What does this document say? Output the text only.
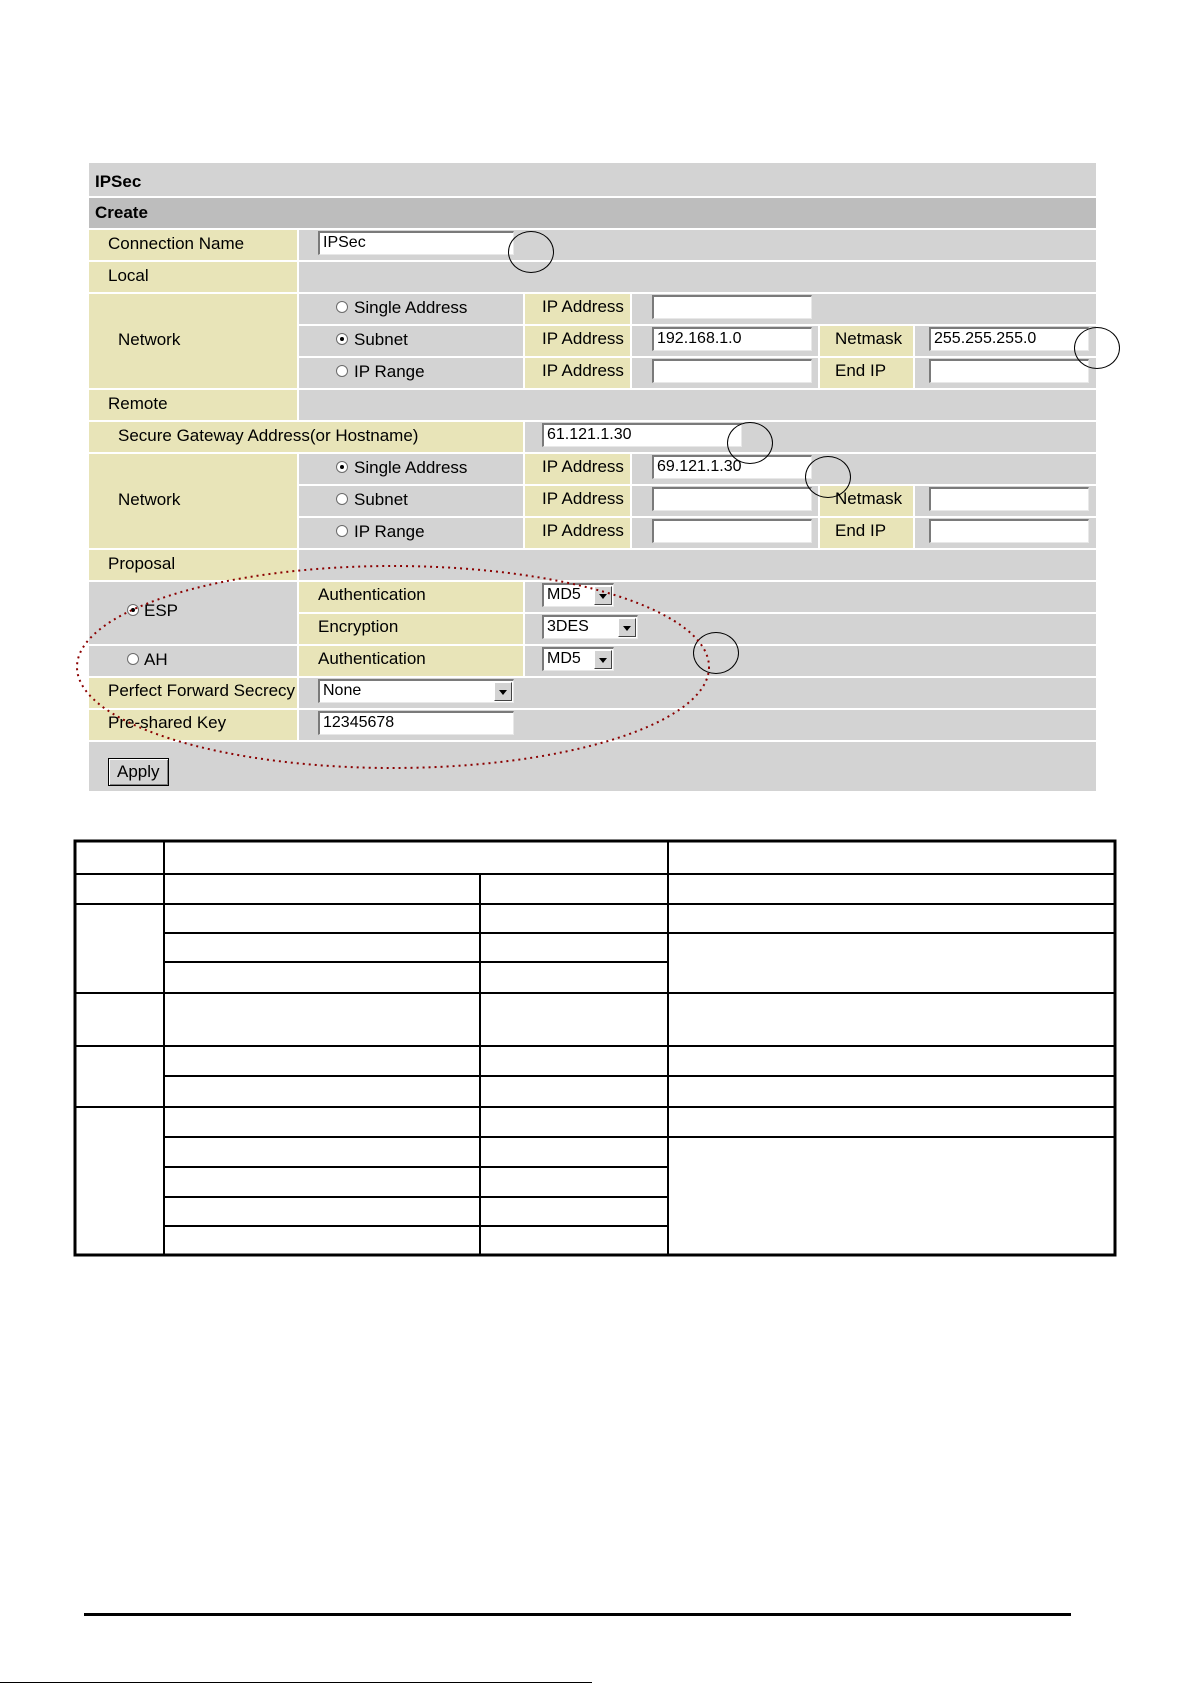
IPSec
Create
Connection Name	IPSec
Local
Network
Single Address	IP Address
Subnet	IP Address	192.168.1.0	Netmask	255.255.255.0
IP Range	IP Address	End IP
Remote
Secure Gateway Address(or Hostname)	61.121.1.30
Network
Single Address	IP Address	69.121.1.30
Subnet	IP Address	Netmask
IP Range	IP Address	End IP
Proposal
ESP
Authentication	MD5
Encryption	3DES
AH	Authentication	MD5
Perfect Forward Secrecy	None
Pre-shared Key	12345678
Apply
